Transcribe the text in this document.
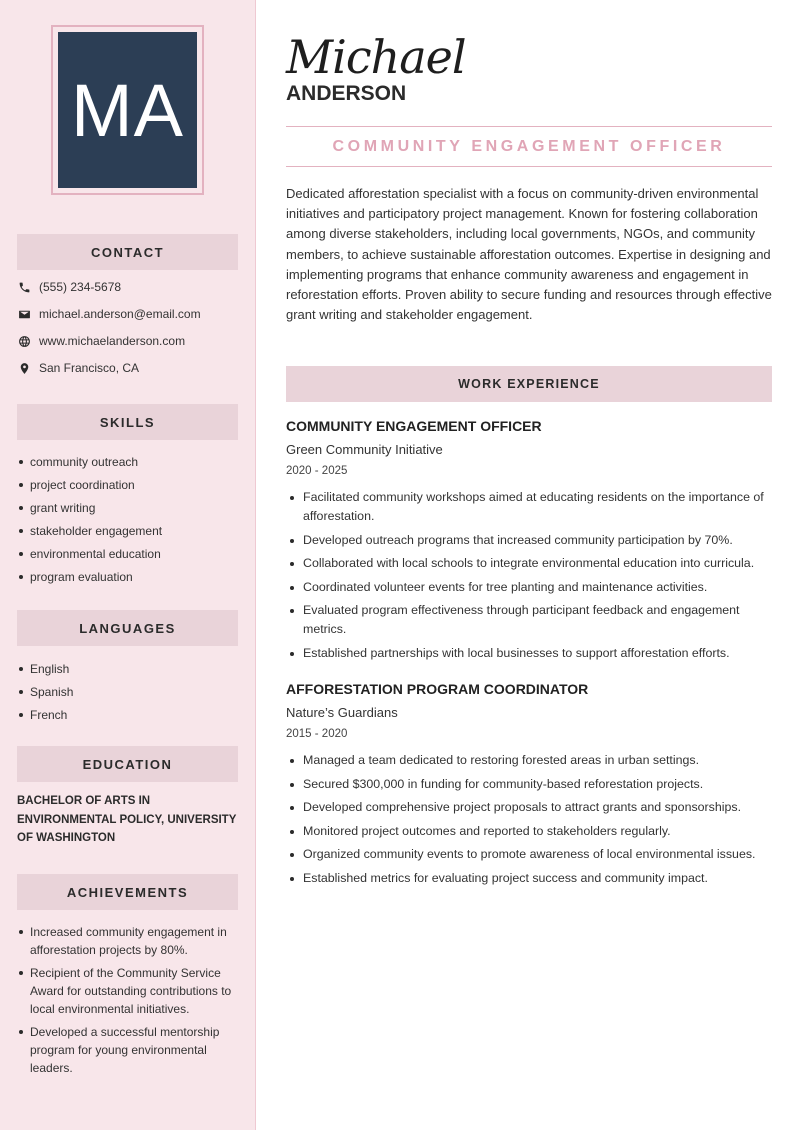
MA
CONTACT
(555) 234-5678
michael.anderson@email.com
www.michaelanderson.com
San Francisco, CA
SKILLS
community outreach
project coordination
grant writing
stakeholder engagement
environmental education
program evaluation
LANGUAGES
English
Spanish
French
EDUCATION
BACHELOR OF ARTS IN ENVIRONMENTAL POLICY, UNIVERSITY OF WASHINGTON
ACHIEVEMENTS
Increased community engagement in afforestation projects by 80%.
Recipient of the Community Service Award for outstanding contributions to local environmental initiatives.
Developed a successful mentorship program for young environmental leaders.
Michael
ANDERSON
COMMUNITY ENGAGEMENT OFFICER

Dedicated afforestation specialist with a focus on community-driven environmental initiatives and participatory project management. Known for fostering collaboration among diverse stakeholders, including local governments, NGOs, and community members, to achieve sustainable afforestation outcomes. Expertise in designing and implementing programs that enhance community awareness and engagement in reforestation efforts. Proven ability to secure funding and resources through effective grant writing and stakeholder engagement.

WORK EXPERIENCE
COMMUNITY ENGAGEMENT OFFICER
Green Community Initiative
2020 - 2025
Facilitated community workshops aimed at educating residents on the importance of afforestation.
Developed outreach programs that increased community participation by 70%.
Collaborated with local schools to integrate environmental education into curricula.
Coordinated volunteer events for tree planting and maintenance activities.
Evaluated program effectiveness through participant feedback and engagement metrics.
Established partnerships with local businesses to support afforestation efforts.
AFFORESTATION PROGRAM COORDINATOR
Nature’s Guardians
2015 - 2020
Managed a team dedicated to restoring forested areas in urban settings.
Secured $300,000 in funding for community-based reforestation projects.
Developed comprehensive project proposals to attract grants and sponsorships.
Monitored project outcomes and reported to stakeholders regularly.
Organized community events to promote awareness of local environmental issues.
Established metrics for evaluating project success and community impact.
